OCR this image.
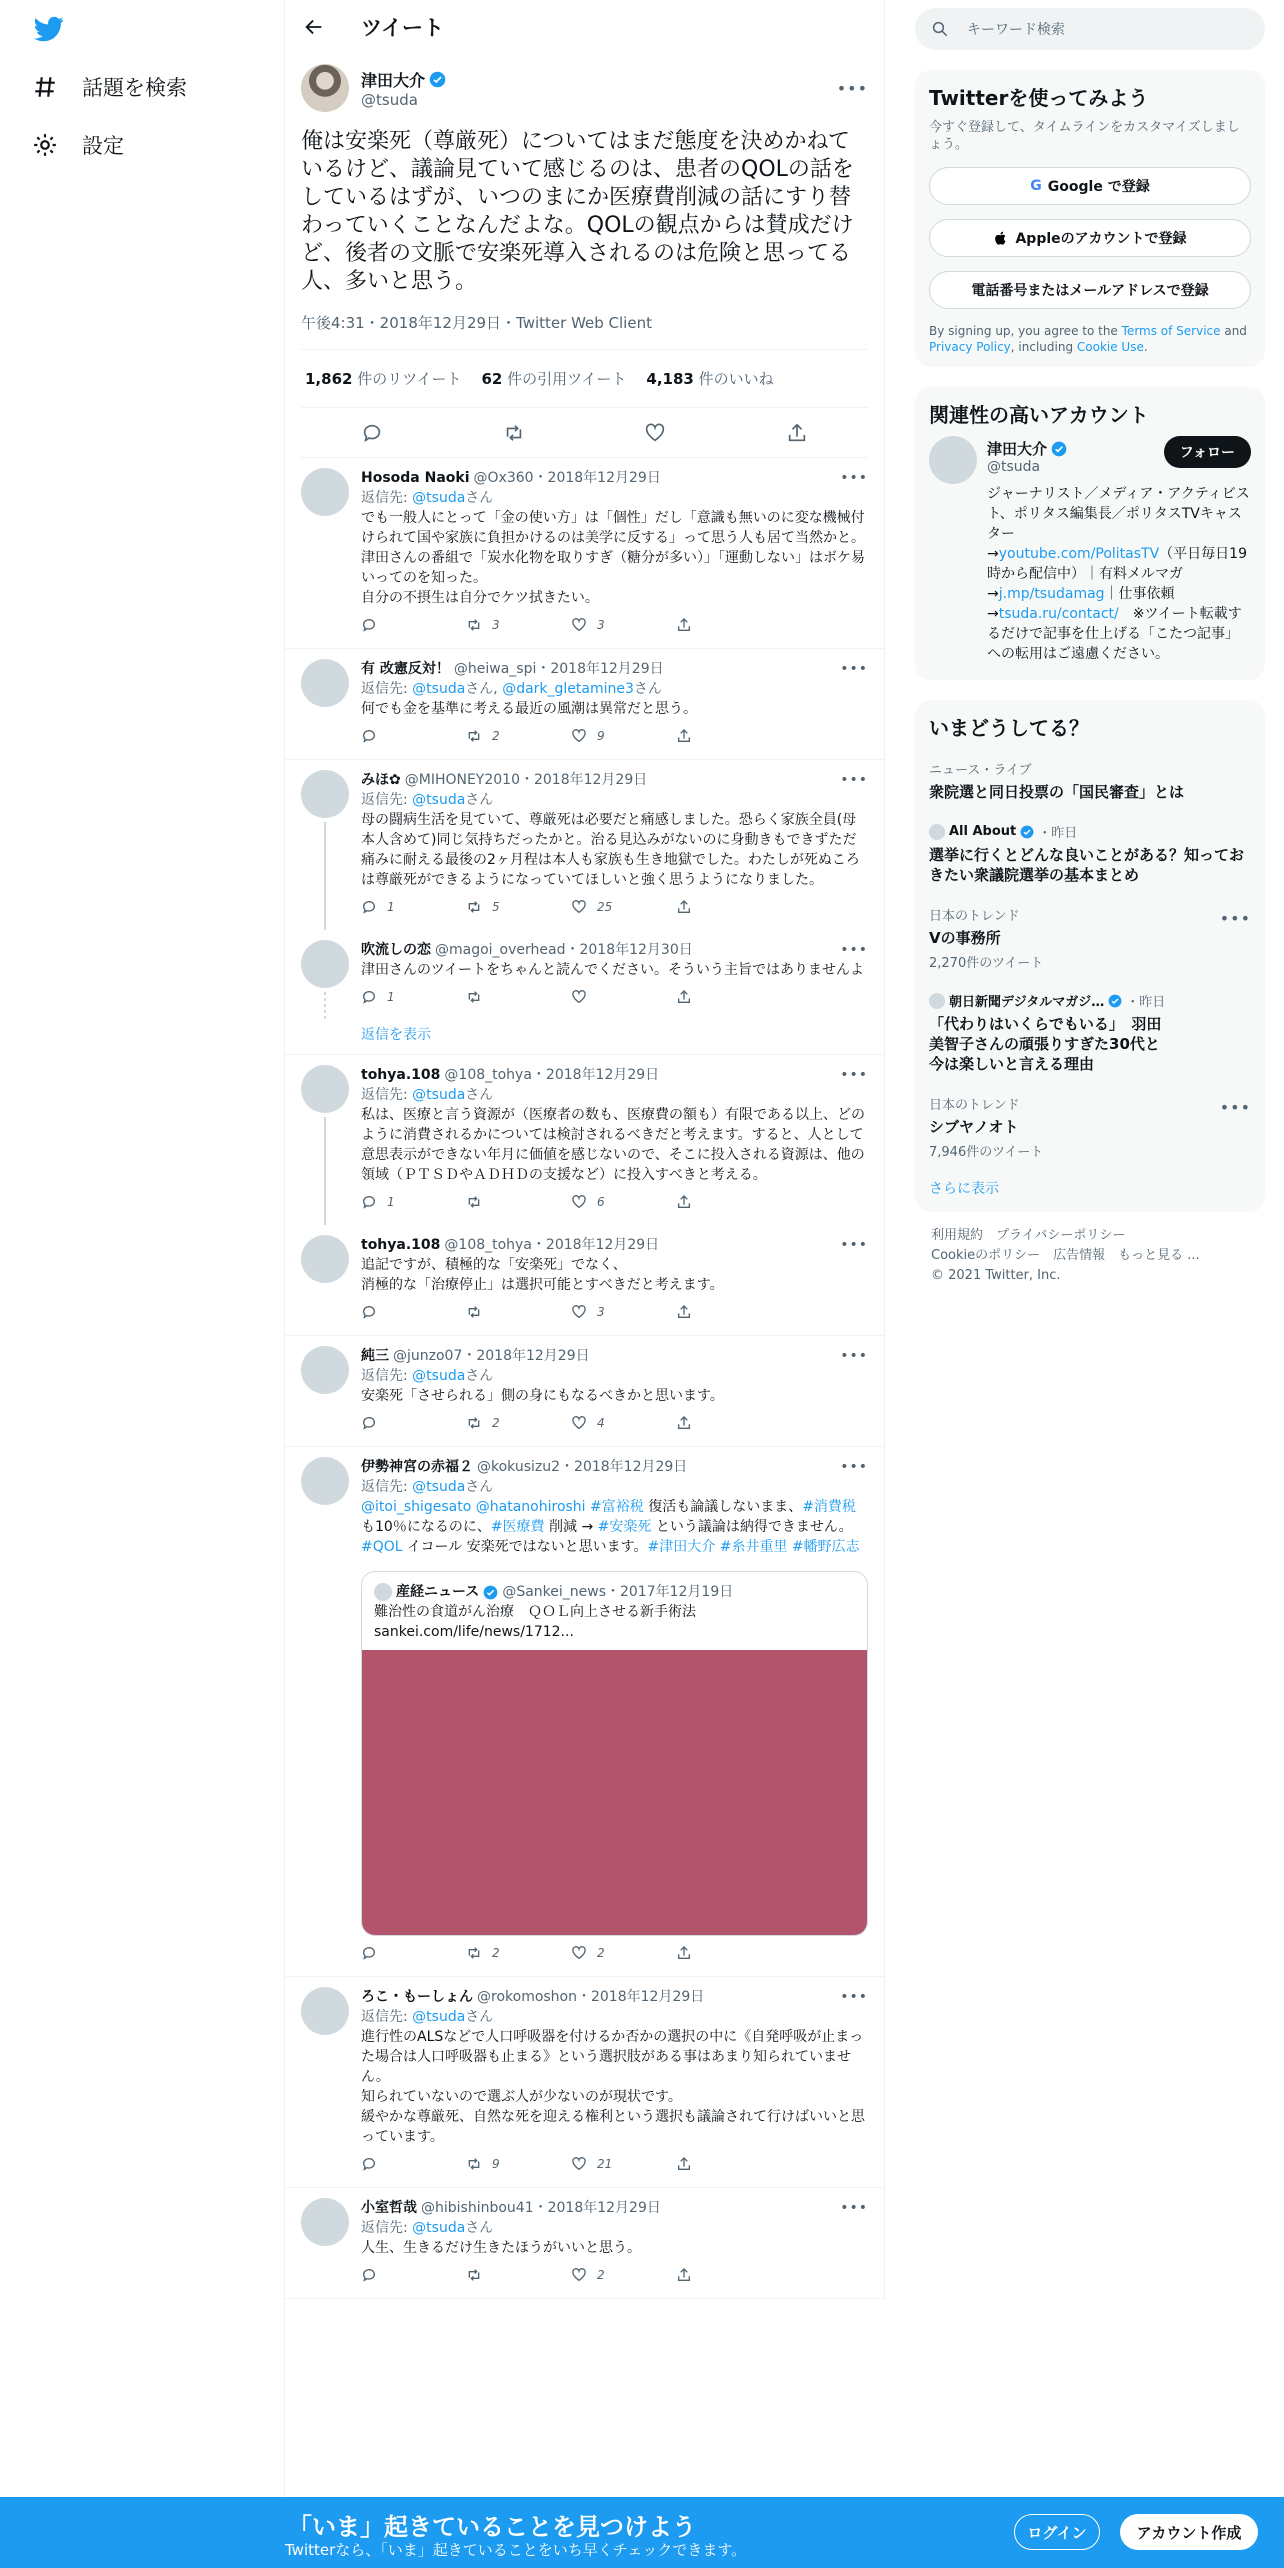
話題を検索
設定
ツイート
津田大介
@tsuda
•••
俺は安楽死（尊厳死）についてはまだ態度を決めかねているけど、議論見ていて感じるのは、患者のQOLの話をしているはずが、いつのまにか医療費削減の話にすり替わっていくことなんだよな。QOLの観点からは賛成だけど、後者の文脈で安楽死導入されるのは危険と思ってる人、多いと思う。
午後4:31・2018年12月29日・Twitter Web Client
1,862 件のリツイート 62 件の引用ツイート 4,183 件のいいね
Hosoda Naoki @Ox360・2018年12月29日	•••
返信先: @tsudaさん
でも一般人にとって「金の使い方」は「個性」だし「意識も無いのに変な機械付けられて国や家族に負担かけるのは美学に反する」って思う人も居て当然かと。
津田さんの番組で「炭水化物を取りすぎ（糖分が多い）」「運動しない」はボケ易いってのを知った。
自分の不摂生は自分でケツ拭きたい。
3	3
有 改憲反対！ @heiwa_spi・2018年12月29日	•••
返信先: @tsudaさん, @dark_gletamine3さん
何でも金を基準に考える最近の風潮は異常だと思う。
2	9
みほ✿ @MIHONEY2010・2018年12月29日	•••
返信先: @tsudaさん
母の闘病生活を見ていて、尊厳死は必要だと痛感しました。恐らく家族全員(母本人含めて)同じ気持ちだったかと。治る見込みがないのに身動きもできずただ痛みに耐える最後の2ヶ月程は本人も家族も生き地獄でした。わたしが死ぬころは尊厳死ができるようになっていてほしいと強く思うようになりました。
1	5	25
吹流しの恋 @magoi_overhead・2018年12月30日	•••
津田さんのツイートをちゃんと読んでください。そういう主旨ではありませんよ
1
返信を表示
tohya.108 @108_tohya・2018年12月29日	•••
返信先: @tsudaさん
私は、医療と言う資源が（医療者の数も、医療費の額も）有限である以上、どのように消費されるかについては検討されるべきだと考えます。すると、人として意思表示ができない年月に価値を感じないので、そこに投入される資源は、他の領域（ＰＴＳＤやＡＤＨＤの支援など）に投入すべきと考える。
1	6
tohya.108 @108_tohya・2018年12月29日	•••
追記ですが、積極的な「安楽死」でなく、
消極的な「治療停止」は選択可能とすべきだと考えます。
3
純三 @junzo07・2018年12月29日	•••
返信先: @tsudaさん
安楽死「させられる」側の身にもなるべきかと思います。
2	4
伊勢神宮の赤福２ @kokusizu2・2018年12月29日	•••
返信先: @tsudaさん
@itoi_shigesato @hatanohiroshi #富裕税 復活も論議しないまま、#消費税 も10％になるのに、#医療費 削減 → #安楽死 という議論は納得できません。#QOL イコール 安楽死ではないと思います。#津田大介 #糸井重里 #幡野広志
産経ニュース @Sankei_news・2017年12月19日
難治性の食道がん治療　ＱＯＬ向上させる新手術法
sankei.com/life/news/1712...
2	2
ろこ・もーしょん @rokomoshon・2018年12月29日	•••
返信先: @tsudaさん
進行性のALSなどで人口呼吸器を付けるか否かの選択の中に《自発呼吸が止まった場合は人口呼吸器も止まる》という選択肢がある事はあまり知られていません。
知られていないので選ぶ人が少ないのが現状です。
緩やかな尊厳死、自然な死を迎える権利という選択も議論されて行けばいいと思っています。
9	21
小室哲哉 @hibishinbou41・2018年12月29日	•••
返信先: @tsudaさん
人生、生きるだけ生きたほうがいいと思う。
2
キーワード検索
Twitterを使ってみよう
今すぐ登録して、タイムラインをカスタマイズしましょう。
G Google で登録
Appleのアカウントで登録
電話番号またはメールアドレスで登録
By signing up, you agree to the Terms of Service and Privacy Policy, including Cookie Use.
関連性の高いアカウント
津田大介
@tsuda
フォロー
ジャーナリスト／メディア・アクティビスト、ポリタス編集長／ポリタスTVキャスター
→youtube.com/PolitasTV（平日毎日19時から配信中）｜有料メルマガ→j.mp/tsudamag｜仕事依頼→tsuda.ru/contact/　※ツイート転載するだけで記事を仕上げる「こたつ記事」への転用はご遠慮ください。
いまどうしてる？
ニュース・ライブ
衆院選と同日投票の「国民審査」とは
All About ・昨日
選挙に行くとどんな良いことがある？知っておきたい衆議院選挙の基本まとめ
日本のトレンド
Vの事務所
2,270件のツイート
•••
朝日新聞デジタルマガジ… ・昨日
「代わりはいくらでもいる」　羽田美智子さんの頑張りすぎた30代と今は楽しいと言える理由
日本のトレンド
シブヤノオト
7,946件のツイート
•••
さらに表示
利用規約　プライバシーポリシー
Cookieのポリシー　広告情報　もっと見る ...
© 2021 Twitter, Inc.
「いま」起きていることを見つけよう
Twitterなら、「いま」起きていることをいち早くチェックできます。
ログイン	アカウント作成
